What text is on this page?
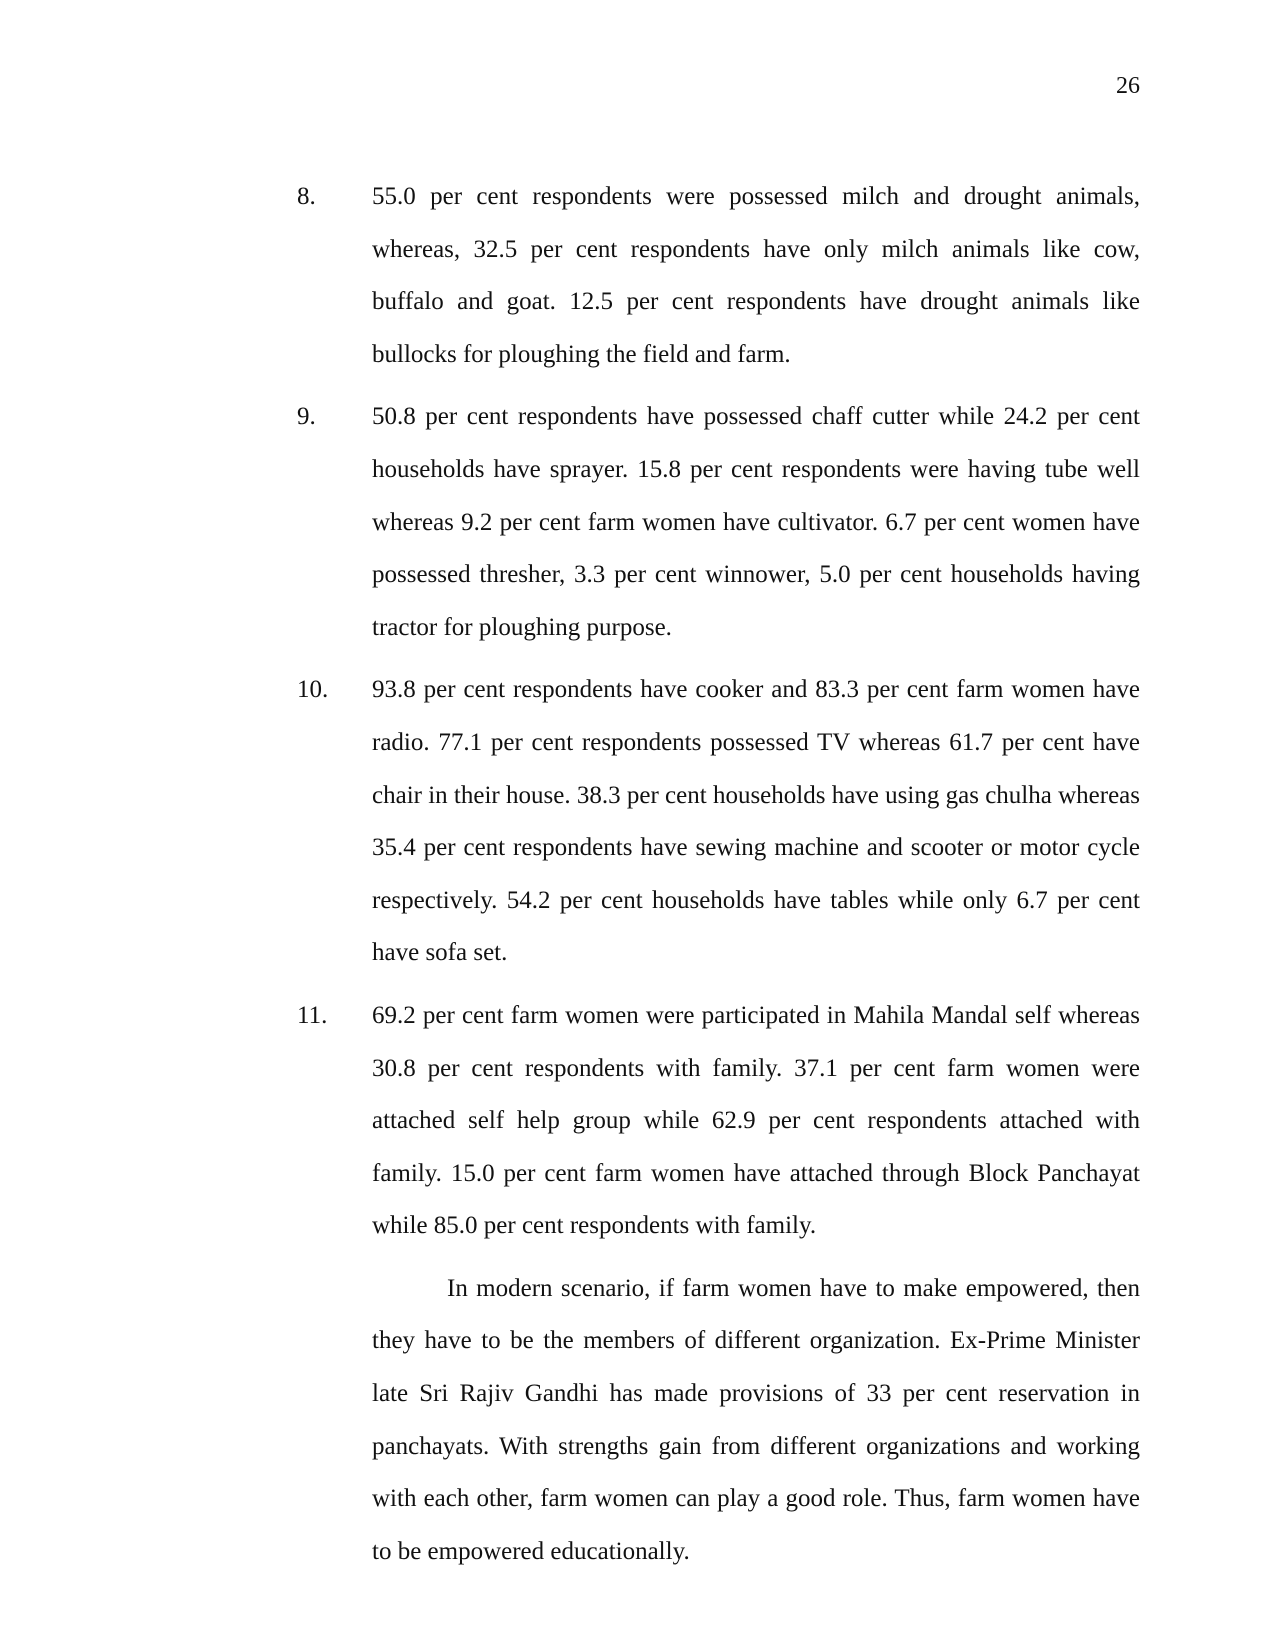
26
8. 55.0 per cent respondents were possessed milch and drought animals, whereas, 32.5 per cent respondents have only milch animals like cow, buffalo and goat. 12.5 per cent respondents have drought animals like bullocks for ploughing the field and farm.
9. 50.8 per cent respondents have possessed chaff cutter while 24.2 per cent households have sprayer. 15.8 per cent respondents were having tube well whereas 9.2 per cent farm women have cultivator. 6.7 per cent women have possessed thresher, 3.3 per cent winnower, 5.0 per cent households having tractor for ploughing purpose.
10. 93.8 per cent respondents have cooker and 83.3 per cent farm women have radio. 77.1 per cent respondents possessed TV whereas 61.7 per cent have chair in their house. 38.3 per cent households have using gas chulha whereas 35.4 per cent respondents have sewing machine and scooter or motor cycle respectively. 54.2 per cent households have tables while only 6.7 per cent have sofa set.
11. 69.2 per cent farm women were participated in Mahila Mandal self whereas 30.8 per cent respondents with family. 37.1 per cent farm women were attached self help group while 62.9 per cent respondents attached with family. 15.0 per cent farm women have attached through Block Panchayat while 85.0 per cent respondents with family.

In modern scenario, if farm women have to make empowered, then they have to be the members of different organization. Ex-Prime Minister late Sri Rajiv Gandhi has made provisions of 33 per cent reservation in panchayats. With strengths gain from different organizations and working with each other, farm women can play a good role. Thus, farm women have to be empowered educationally.
